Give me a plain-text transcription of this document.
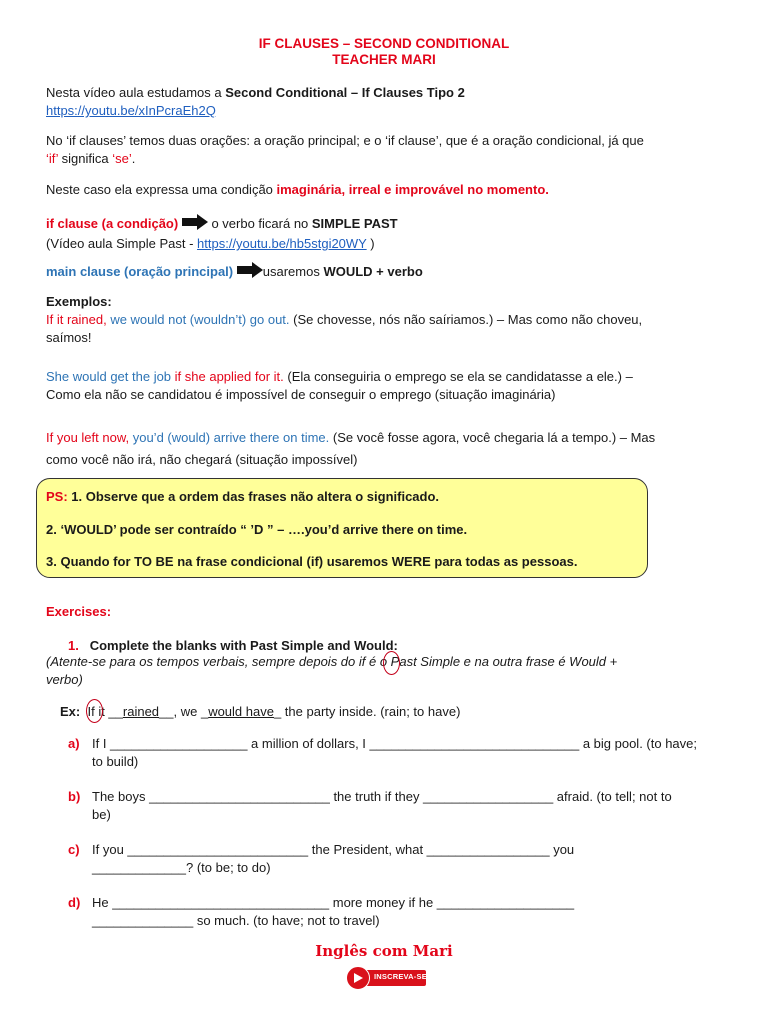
IF CLAUSES – SECOND CONDITIONAL
TEACHER MARI
Nesta vídeo aula estudamos a Second Conditional – If Clauses Tipo 2
https://youtu.be/xInPcraEh2Q
No ‘if clauses’ temos duas orações: a oração principal; e o ‘if clause’, que é a oração condicional, já que
‘if’ significa ‘se’.
Neste caso ela expressa uma condição imaginária, irreal e improvável no momento.
if clause (a condição)  o verbo ficará no SIMPLE PAST
(Vídeo aula Simple Past - https://youtu.be/hb5stgi20WY )
main clause (oração principal) usaremos WOULD + verbo
Exemplos:
If it rained, we would not (wouldn’t) go out. (Se chovesse, nós não saíriamos.) – Mas como não choveu,
saímos!
She would get the job if she applied for it. (Ela conseguiria o emprego se ela se candidatasse a ele.) –
Como ela não se candidatou é impossível de conseguir o emprego (situação imaginária)
If you left now, you’d (would) arrive there on time. (Se você fosse agora, você chegaria lá a tempo.) – Mas
como você não irá, não chegará (situação impossível)
PS: 1. Observe que a ordem das frases não altera o significado.
2. ‘WOULD’ pode ser contraído “ ’D ” – ….you’d arrive there on time.
3. Quando for TO BE na frase condicional (if) usaremos WERE para todas as pessoas.
Exercises:
1. Complete the blanks with Past Simple and Would:
(Atente-se para os tempos verbais, sempre depois do if é o Past Simple e na outra frase é Would +
verbo)
Ex: If it __rained__, we _would have_ the party inside. (rain; to have)
a) If I ___________________ a million of dollars, I _____________________________ a big pool. (to have;
to build)
b) The boys _________________________ the truth if they __________________ afraid. (to tell; not to
be)
c) If you _________________________ the President, what _________________ you
_____________? (to be; to do)
d) He ______________________________ more money if he ___________________
______________ so much. (to have; not to travel)
Inglês com Mari
INSCREVA-SE
